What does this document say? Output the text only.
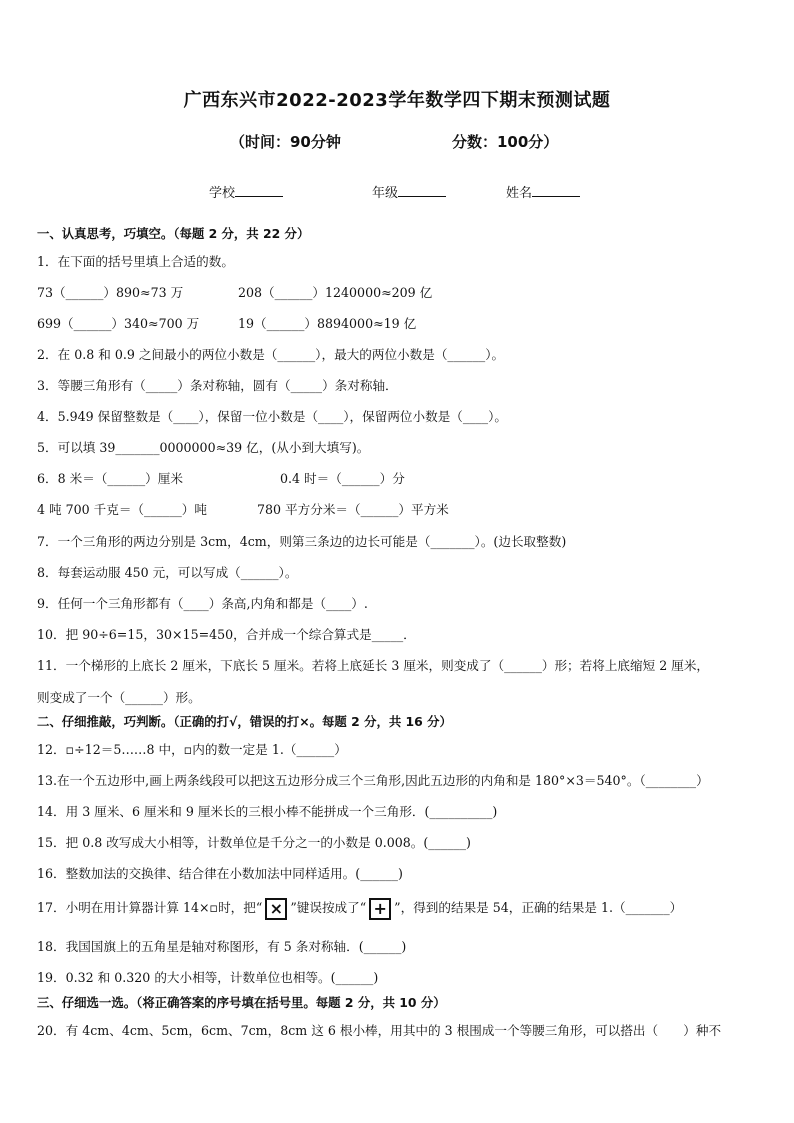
广西东兴市2022-2023学年数学四下期末预测试题
（时间：90分钟	分数：100分）
学校	年级	姓名
一、认真思考，巧填空。（每题 2 分，共 22 分）
1．在下面的括号里填上合适的数。
73（______）890≈73 万	208（______）1240000≈209 亿
699（______）340≈700 万	19（______）8894000≈19 亿
2．在 0.8 和 0.9 之间最小的两位小数是（______），最大的两位小数是（______）。
3．等腰三角形有（_____）条对称轴，圆有（_____）条对称轴．
4．5.949 保留整数是（____），保留一位小数是（____），保留两位小数是（____）。
5．可以填 39_______0000000≈39 亿，(从小到大填写)。
6．8 米＝（______）厘米	0.4 时＝（______）分
4 吨 700 千克＝（______）吨	780 平方分米＝（______）平方米
7．一个三角形的两边分别是 3cm，4cm，则第三条边的边长可能是（_______）。(边长取整数)
8．每套运动服 450 元，可以写成（______）。
9．任何一个三角形都有（____）条高,内角和都是（____）.
10．把 90÷6=15，30×15=450，合并成一个综合算式是_____．
11．一个梯形的上底长 2 厘米，下底长 5 厘米。若将上底延长 3 厘米，则变成了（______）形；若将上底缩短 2 厘米，
则变成了一个（______）形。
二、仔细推敲，巧判断。（正确的打√，错误的打×。每题 2 分，共 16 分）
12．▫÷12＝5……8 中，▫内的数一定是 1.（______）
13.在一个五边形中,画上两条线段可以把这五边形分成三个三角形,因此五边形的内角和是 180°×3＝540°。（________）
14．用 3 厘米、6 厘米和 9 厘米长的三根小棒不能拼成一个三角形．(__________)
15．把 0.8 改写成大小相等，计数单位是千分之一的小数是 0.008。(______)
16．整数加法的交换律、结合律在小数加法中同样适用。(______)
17．小明在用计算器计算 14×▫时，把“ × ”键误按成了“ + ”，得到的结果是 54，正确的结果是 1.（_______）
18．我国国旗上的五角星是轴对称图形，有 5 条对称轴．(______)
19．0.32 和 0.320 的大小相等，计数单位也相等。(______)
三、仔细选一选。（将正确答案的序号填在括号里。每题 2 分，共 10 分）
20．有 4cm、4cm、5cm，6cm、7cm，8cm 这 6 根小棒，用其中的 3 根围成一个等腰三角形，可以搭出（　　）种不
